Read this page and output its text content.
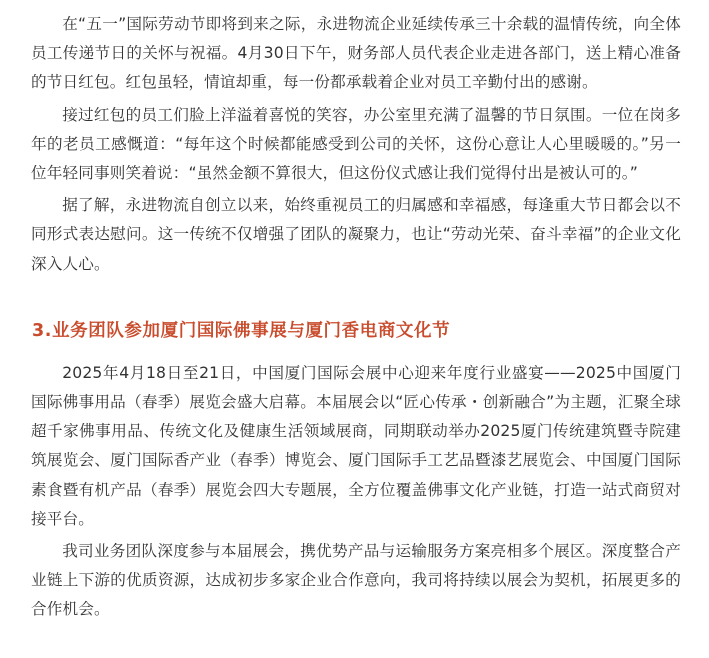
在“五一”国际劳动节即将到来之际，永进物流企业延续传承三十余载的温情传统，向全体员工传递节日的关怀与祝福。4月30日下午，财务部人员代表企业走进各部门，送上精心准备的节日红包。红包虽轻，情谊却重，每一份都承载着企业对员工辛勤付出的感谢。

接过红包的员工们脸上洋溢着喜悦的笑容，办公室里充满了温馨的节日氛围。一位在岗多年的老员工感慨道：“每年这个时候都能感受到公司的关怀，这份心意让人心里暖暖的。”另一位年轻同事则笑着说：“虽然金额不算很大，但这份仪式感让我们觉得付出是被认可的。”

据了解，永进物流自创立以来，始终重视员工的归属感和幸福感，每逢重大节日都会以不同形式表达慰问。这一传统不仅增强了团队的凝聚力，也让“劳动光荣、奋斗幸福”的企业文化深入人心。

3.业务团队参加厦门国际佛事展与厦门香电商文化节

2025年4月18日至21日，中国厦门国际会展中心迎来年度行业盛宴——2025中国厦门国际佛事用品（春季）展览会盛大启幕。本届展会以“匠心传承・创新融合”为主题，汇聚全球超千家佛事用品、传统文化及健康生活领域展商，同期联动举办2025厦门传统建筑暨寺院建筑展览会、厦门国际香产业（春季）博览会、厦门国际手工艺品暨漆艺展览会、中国厦门国际素食暨有机产品（春季）展览会四大专题展，全方位覆盖佛事文化产业链，打造一站式商贸对接平台。

我司业务团队深度参与本届展会，携优势产品与运输服务方案亮相多个展区。深度整合产业链上下游的优质资源，达成初步多家企业合作意向，我司将持续以展会为契机，拓展更多的合作机会。
